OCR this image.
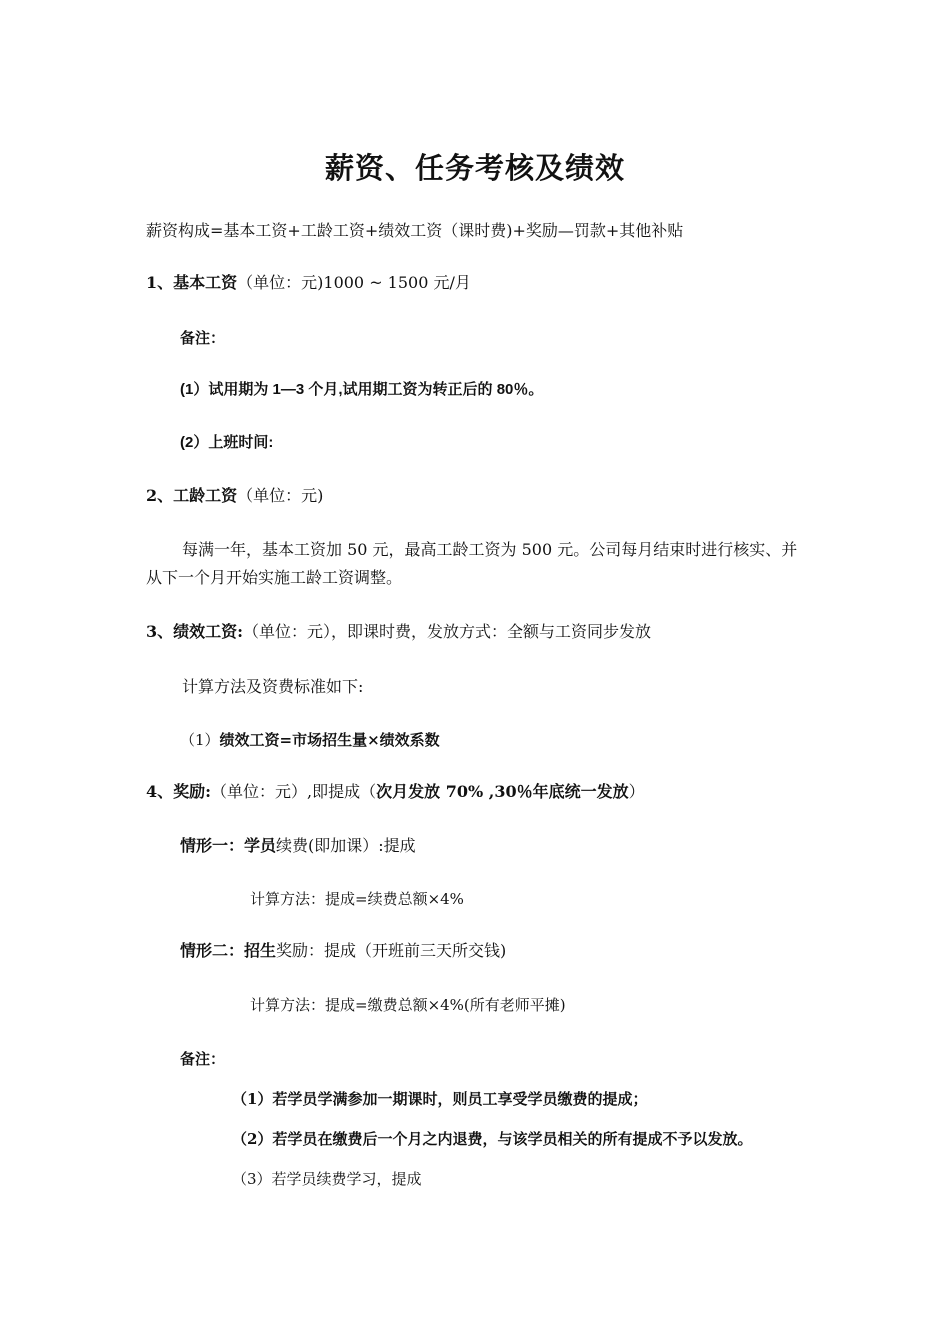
薪资、任务考核及绩效
薪资构成=基本工资+工龄工资+绩效工资（课时费)+奖励—罚款+其他补贴
1、基本工资（单位：元)1000 ~ 1500 元/月
备注：
(1）试用期为 1—3 个月,试用期工资为转正后的 80％。
(2）上班时间:
2、工龄工资（单位：元)
每满一年，基本工资加 50 元，最高工龄工资为 500 元。公司每月结束时进行核实、并从下一个月开始实施工龄工资调整。
3、绩效工资:（单位：元），即课时费，发放方式：全额与工资同步发放
计算方法及资费标准如下:
（1）绩效工资=市场招生量×绩效系数
4、奖励:（单位：元）,即提成（次月发放 70% ,30％年底统一发放）
情形一：学员续费(即加课）:提成
计算方法：提成=续费总额×4%
情形二：招生奖励：提成（开班前三天所交钱)
计算方法：提成=缴费总额×4%(所有老师平摊)
备注：
（1）若学员学满参加一期课时，则员工享受学员缴费的提成；
（2）若学员在缴费后一个月之内退费，与该学员相关的所有提成不予以发放。
（3）若学员续费学习，提成
